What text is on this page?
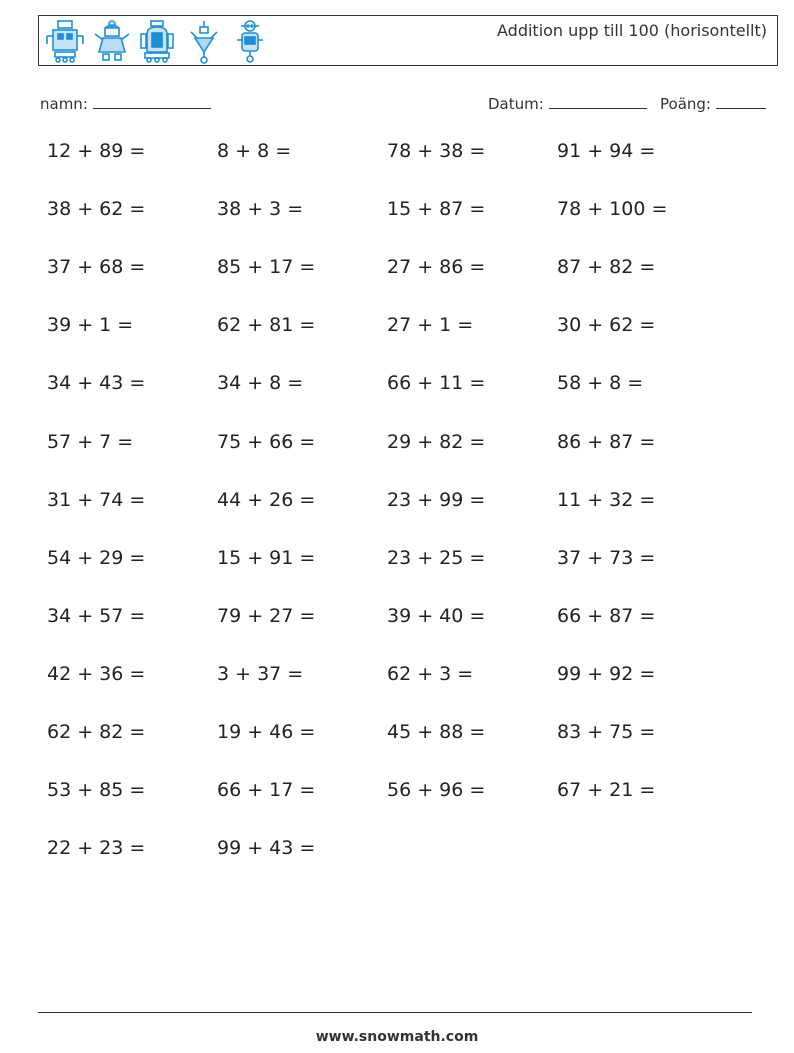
Addition upp till 100 (horisontellt)
namn:	Datum:	Poäng:
12 + 89 =	8 + 8 =	78 + 38 =	91 + 94 =
38 + 62 =	38 + 3 =	15 + 87 =	78 + 100 =
37 + 68 =	85 + 17 =	27 + 86 =	87 + 82 =
39 + 1 =	62 + 81 =	27 + 1 =	30 + 62 =
34 + 43 =	34 + 8 =	66 + 11 =	58 + 8 =
57 + 7 =	75 + 66 =	29 + 82 =	86 + 87 =
31 + 74 =	44 + 26 =	23 + 99 =	11 + 32 =
54 + 29 =	15 + 91 =	23 + 25 =	37 + 73 =
34 + 57 =	79 + 27 =	39 + 40 =	66 + 87 =
42 + 36 =	3 + 37 =	62 + 3 =	99 + 92 =
62 + 82 =	19 + 46 =	45 + 88 =	83 + 75 =
53 + 85 =	66 + 17 =	56 + 96 =	67 + 21 =
22 + 23 =	99 + 43 =
www.snowmath.com
